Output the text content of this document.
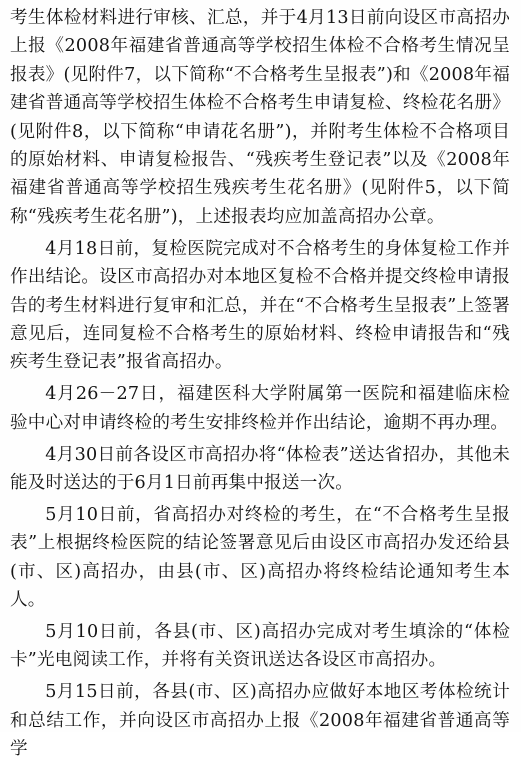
考生体检材料进行审核、汇总，并于4月13日前向设区市高招办上报《2008年福建省普通高等学校招生体检不合格考生情况呈报表》(见附件7，以下简称“不合格考生呈报表”)和《2008年福建省普通高等学校招生体检不合格考生申请复检、终检花名册》(见附件8，以下简称“申请花名册”)，并附考生体检不合格项目的原始材料、申请复检报告、“残疾考生登记表”以及《2008年福建省普通高等学校招生残疾考生花名册》(见附件5，以下简称“残疾考生花名册”)，上述报表均应加盖高招办公章。

4月18日前，复检医院完成对不合格考生的身体复检工作并作出结论。设区市高招办对本地区复检不合格并提交终检申请报告的考生材料进行复审和汇总，并在“不合格考生呈报表”上签署意见后，连同复检不合格考生的原始材料、终检申请报告和“残疾考生登记表”报省高招办。

4月26－27日，福建医科大学附属第一医院和福建临床检验中心对申请终检的考生安排终检并作出结论，逾期不再办理。

4月30日前各设区市高招办将“体检表”送达省招办，其他未能及时送达的于6月1日前再集中报送一次。

5月10日前，省高招办对终检的考生，在“不合格考生呈报表”上根据终检医院的结论签署意见后由设区市高招办发还给县(市、区)高招办，由县(市、区)高招办将终检结论通知考生本人。

5月10日前，各县(市、区)高招办完成对考生填涂的“体检卡”光电阅读工作，并将有关资讯送达各设区市高招办。

5月15日前，各县(市、区)高招办应做好本地区考体检统计和总结工作，并向设区市高招办上报《2008年福建省普通高等学
